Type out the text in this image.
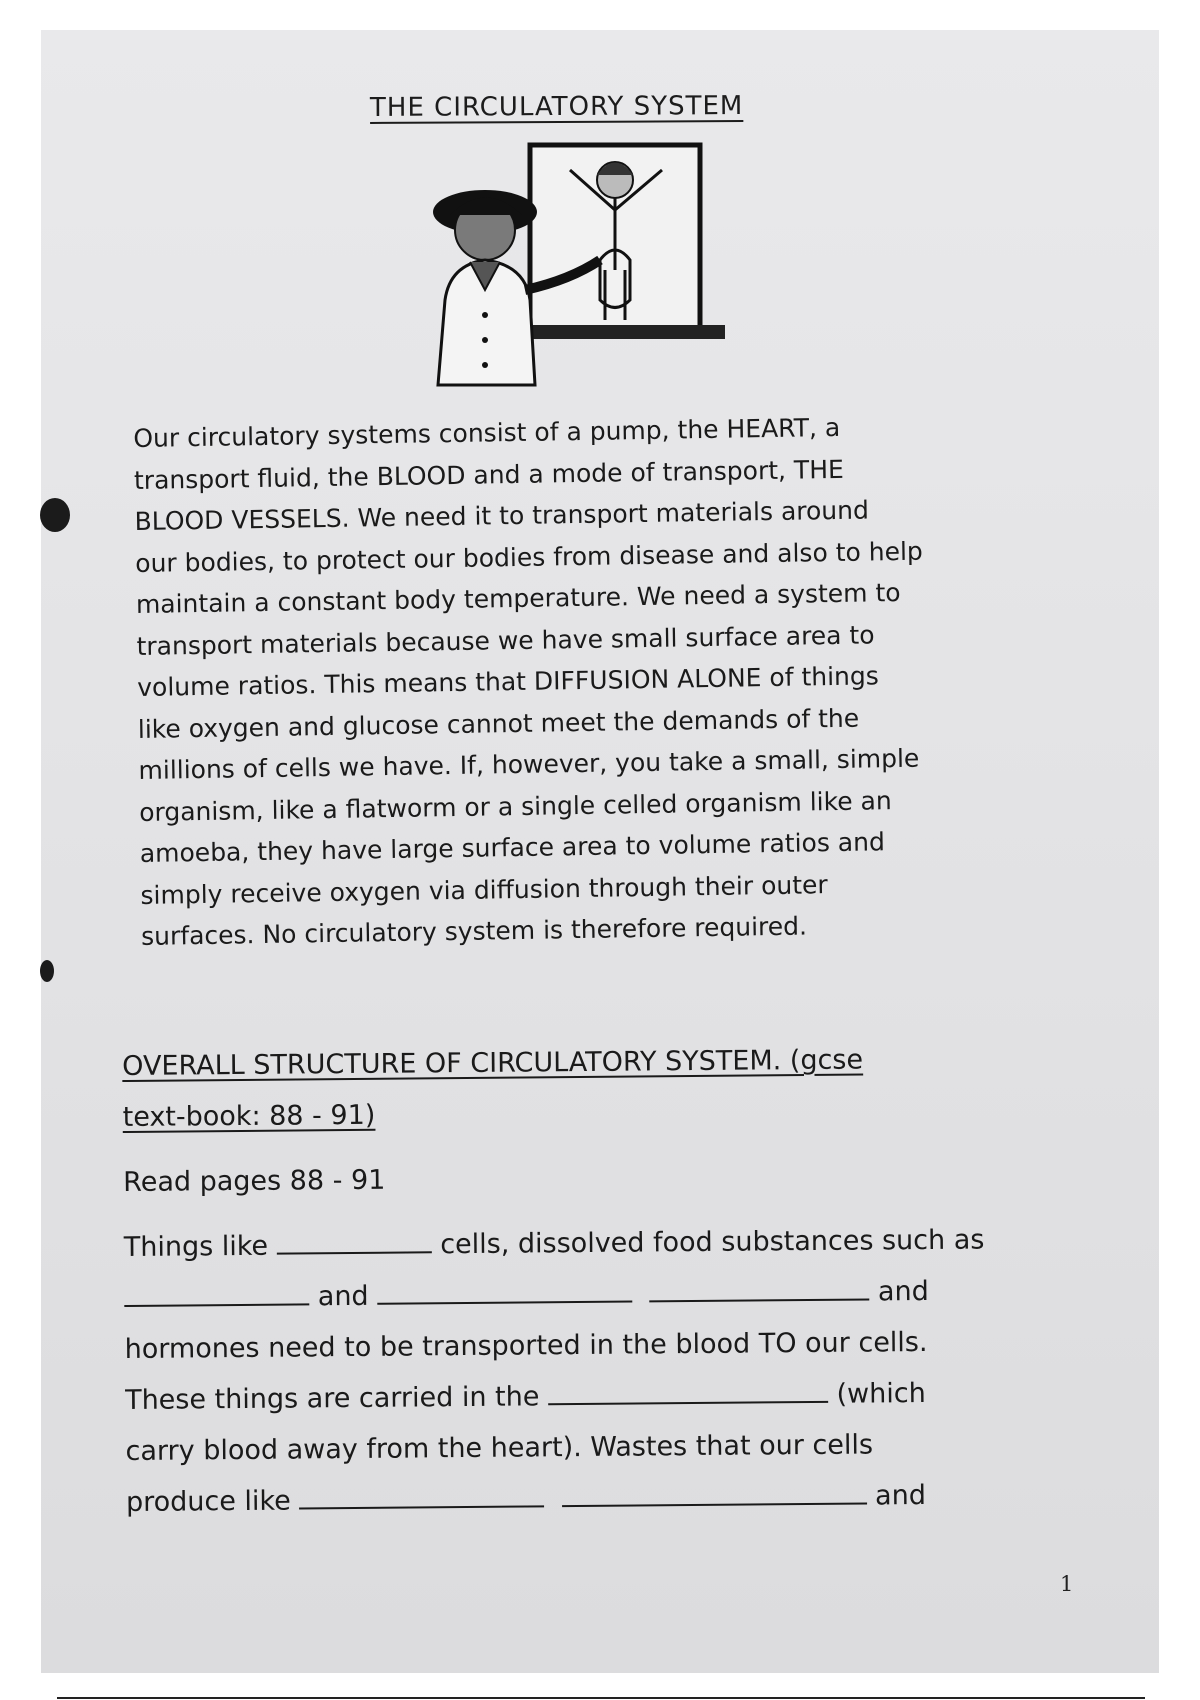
THE CIRCULATORY SYSTEM

Our circulatory systems consist of a pump, the HEART, a

transport fluid, the BLOOD and a mode of transport, THE

BLOOD VESSELS. We need it to transport materials around

our bodies, to protect our bodies from disease and also to help

maintain a constant body temperature. We need a system to

transport materials because we have small surface area to

volume ratios. This means that DIFFUSION ALONE of things

like oxygen and glucose cannot meet the demands of the

millions of cells we have. If, however, you take a small, simple

organism, like a flatworm or a single celled organism like an

amoeba, they have large surface area to volume ratios and

simply receive oxygen via diffusion through their outer

surfaces. No circulatory system is therefore required.

OVERALL STRUCTURE OF CIRCULATORY SYSTEM. (gcse
text-book: 88 - 91)
Read pages 88 - 91
Things like	cells, dissolved food substances such as
and	and
hormones need to be transported in the blood TO our cells.
These things are carried in the	(which
carry blood away from the heart). Wastes that our cells
produce like	and
1
